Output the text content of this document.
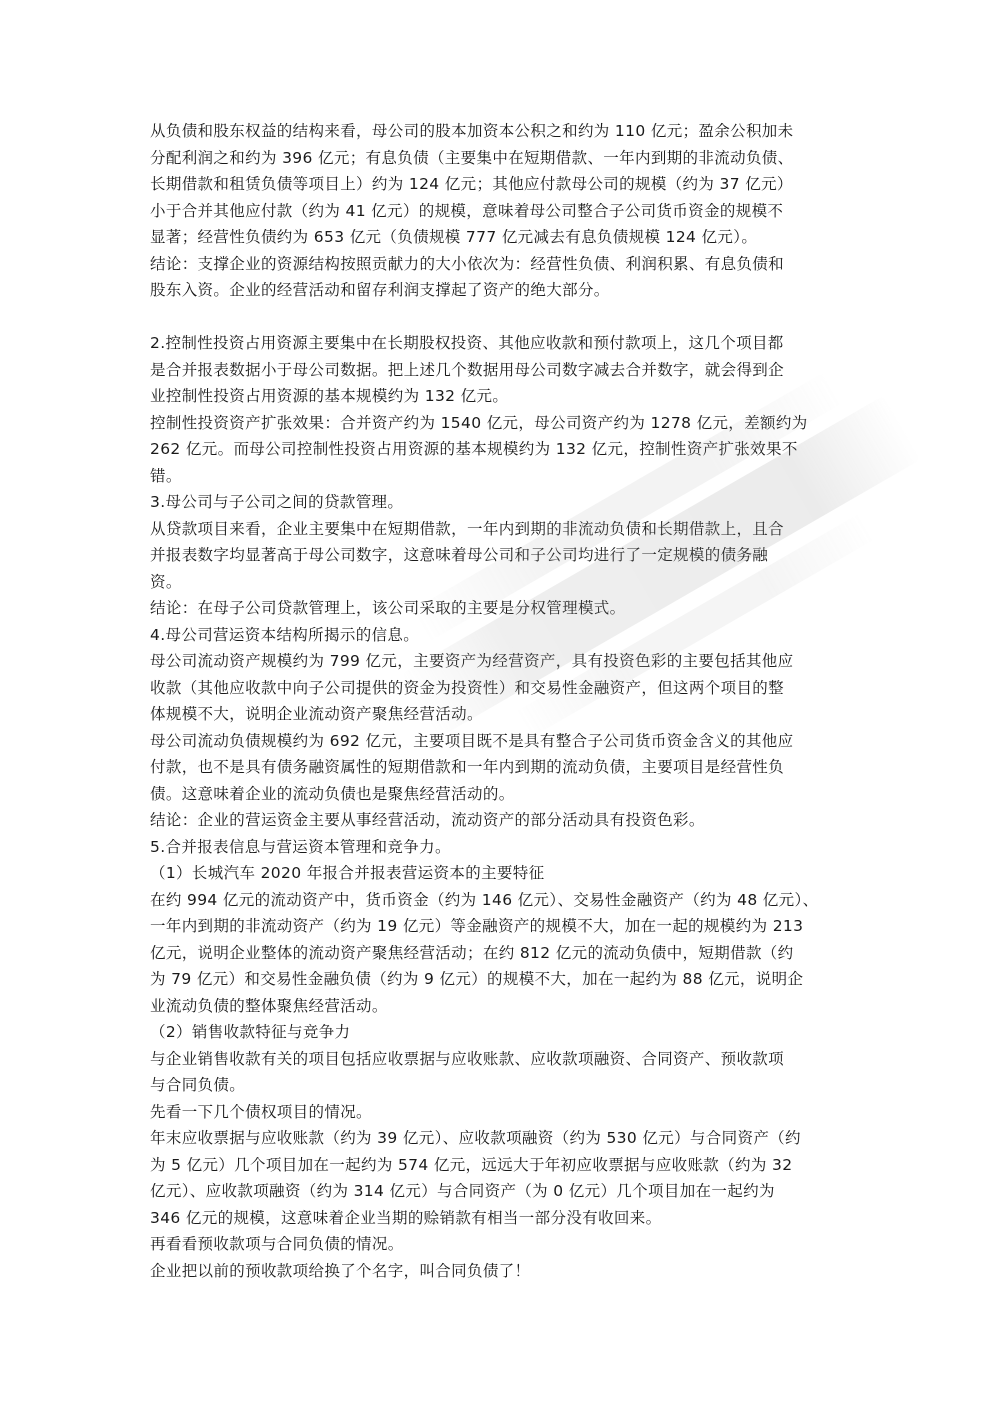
从负债和股东权益的结构来看，母公司的股本加资本公积之和约为 110 亿元；盈余公积加未
分配利润之和约为 396 亿元；有息负债（主要集中在短期借款、一年内到期的非流动负债、
长期借款和租赁负债等项目上）约为 124 亿元；其他应付款母公司的规模（约为 37 亿元）
小于合并其他应付款（约为 41 亿元）的规模，意味着母公司整合子公司货币资金的规模不
显著；经营性负债约为 653 亿元（负债规模 777 亿元减去有息负债规模 124 亿元）。
结论：支撑企业的资源结构按照贡献力的大小依次为：经营性负债、利润积累、有息负债和
股东入资。企业的经营活动和留存利润支撑起了资产的绝大部分。
2.控制性投资占用资源主要集中在长期股权投资、其他应收款和预付款项上，这几个项目都
是合并报表数据小于母公司数据。把上述几个数据用母公司数字减去合并数字，就会得到企
业控制性投资占用资源的基本规模约为 132 亿元。
控制性投资资产扩张效果：合并资产约为 1540 亿元，母公司资产约为 1278 亿元，差额约为
262 亿元。而母公司控制性投资占用资源的基本规模约为 132 亿元，控制性资产扩张效果不
错。
3.母公司与子公司之间的贷款管理。
从贷款项目来看，企业主要集中在短期借款，一年内到期的非流动负债和长期借款上，且合
并报表数字均显著高于母公司数字，这意味着母公司和子公司均进行了一定规模的债务融
资。
结论：在母子公司贷款管理上，该公司采取的主要是分权管理模式。
4.母公司营运资本结构所揭示的信息。
母公司流动资产规模约为 799 亿元，主要资产为经营资产，具有投资色彩的主要包括其他应
收款（其他应收款中向子公司提供的资金为投资性）和交易性金融资产，但这两个项目的整
体规模不大，说明企业流动资产聚焦经营活动。
母公司流动负债规模约为 692 亿元，主要项目既不是具有整合子公司货币资金含义的其他应
付款，也不是具有债务融资属性的短期借款和一年内到期的流动负债，主要项目是经营性负
债。这意味着企业的流动负债也是聚焦经营活动的。
结论：企业的营运资金主要从事经营活动，流动资产的部分活动具有投资色彩。
5.合并报表信息与营运资本管理和竞争力。
（1）长城汽车 2020 年报合并报表营运资本的主要特征
在约 994 亿元的流动资产中，货币资金（约为 146 亿元）、交易性金融资产（约为 48 亿元）、
一年内到期的非流动资产（约为 19 亿元）等金融资产的规模不大，加在一起的规模约为 213
亿元，说明企业整体的流动资产聚焦经营活动；在约 812 亿元的流动负债中，短期借款（约
为 79 亿元）和交易性金融负债（约为 9 亿元）的规模不大，加在一起约为 88 亿元，说明企
业流动负债的整体聚焦经营活动。
（2）销售收款特征与竞争力
与企业销售收款有关的项目包括应收票据与应收账款、应收款项融资、合同资产、预收款项
与合同负债。
先看一下几个债权项目的情况。
年末应收票据与应收账款（约为 39 亿元）、应收款项融资（约为 530 亿元）与合同资产（约
为 5 亿元）几个项目加在一起约为 574 亿元，远远大于年初应收票据与应收账款（约为 32
亿元）、应收款项融资（约为 314 亿元）与合同资产（为 0 亿元）几个项目加在一起约为
346 亿元的规模，这意味着企业当期的赊销款有相当一部分没有收回来。
再看看预收款项与合同负债的情况。
企业把以前的预收款项给换了个名字，叫合同负债了！
